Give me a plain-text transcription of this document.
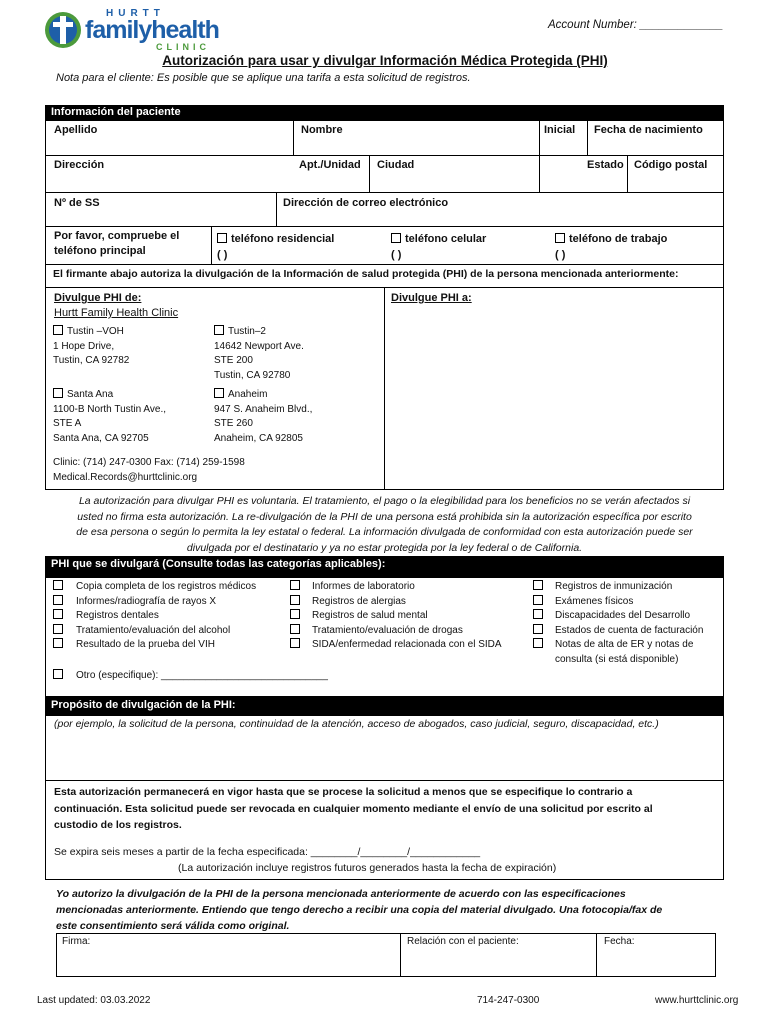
HURTT
familyhealth
CLINIC
Account Number: _____________
Autorización para usar y divulgar Información Médica Protegida (PHI)
Nota para el cliente: Es posible que se aplique una tarifa a esta solicitud de registros.
Información del paciente
Apellido	Nombre	Inicial Fecha de nacimiento
Dirección	Apt./Unidad Ciudad	Estado Código postal
Nº de SS	Dirección de correo electrónico
Por favor, compruebe el
teléfono principal
teléfono residencial
( )
teléfono celular
( )
teléfono de trabajo
( )
El firmante abajo autoriza la divulgación de la Información de salud protegida (PHI) de la persona mencionada anteriormente:
Divulgue PHI de:
Hurtt Family Health Clinic
Divulgue PHI a:
Tustin –VOH
1 Hope Drive,
Tustin, CA 92782
Tustin–2
14642 Newport Ave.
STE 200
Tustin, CA 92780
Santa Ana
1100-B North Tustin Ave.,
STE A
Santa Ana, CA 92705
Anaheim
947 S. Anaheim Blvd.,
STE 260
Anaheim, CA 92805
Clinic: (714) 247-0300 Fax: (714) 259-1598
Medical.Records@hurttclinic.org
La autorización para divulgar PHI es voluntaria. El tratamiento, el pago o la elegibilidad para los beneficios no se verán afectados si
usted no firma esta autorización. La re-divulgación de la PHI de una persona está prohibida sin la autorización específica por escrito
de esa persona o según lo permita la ley estatal o federal. La información divulgada de conformidad con esta autorización puede ser
divulgada por el destinatario y ya no estar protegida por la ley federal o de California.
PHI que se divulgará (Consulte todas las categorías aplicables):
Copia completa de los registros médicos
Informes/radiografía de rayos X
Registros dentales
Tratamiento/evaluación del alcohol
Resultado de la prueba del VIH
Informes de laboratorio
Registros de alergias
Registros de salud mental
Tratamiento/evaluación de drogas
SIDA/enfermedad relacionada con el SIDA
Registros de inmunización
Exámenes físicos
Discapacidades del Desarrollo
Estados de cuenta de facturación
Notas de alta de ER y notas de
consulta (si está disponible)
Otro (especifique): ______________________________
Propósito de divulgación de la PHI:
(por ejemplo, la solicitud de la persona, continuidad de la atención, acceso de abogados, caso judicial, seguro, discapacidad, etc.)
Esta autorización permanecerá en vigor hasta que se procese la solicitud a menos que se especifique lo contrario a
continuación. Esta solicitud puede ser revocada en cualquier momento mediante el envío de una solicitud por escrito al
custodio de los registros.
Se expira seis meses a partir de la fecha especificada: ________/________/____________
(La autorización incluye registros futuros generados hasta la fecha de expiración)
Yo autorizo la divulgación de la PHI de la persona mencionada anteriormente de acuerdo con las especificaciones
mencionadas anteriormente. Entiendo que tengo derecho a recibir una copia del material divulgado. Una fotocopia/fax de
este consentimiento será válida como original.
Firma:	Relación con el paciente:	Fecha:
Last updated: 03.03.2022	714-247-0300	www.hurttclinic.org
